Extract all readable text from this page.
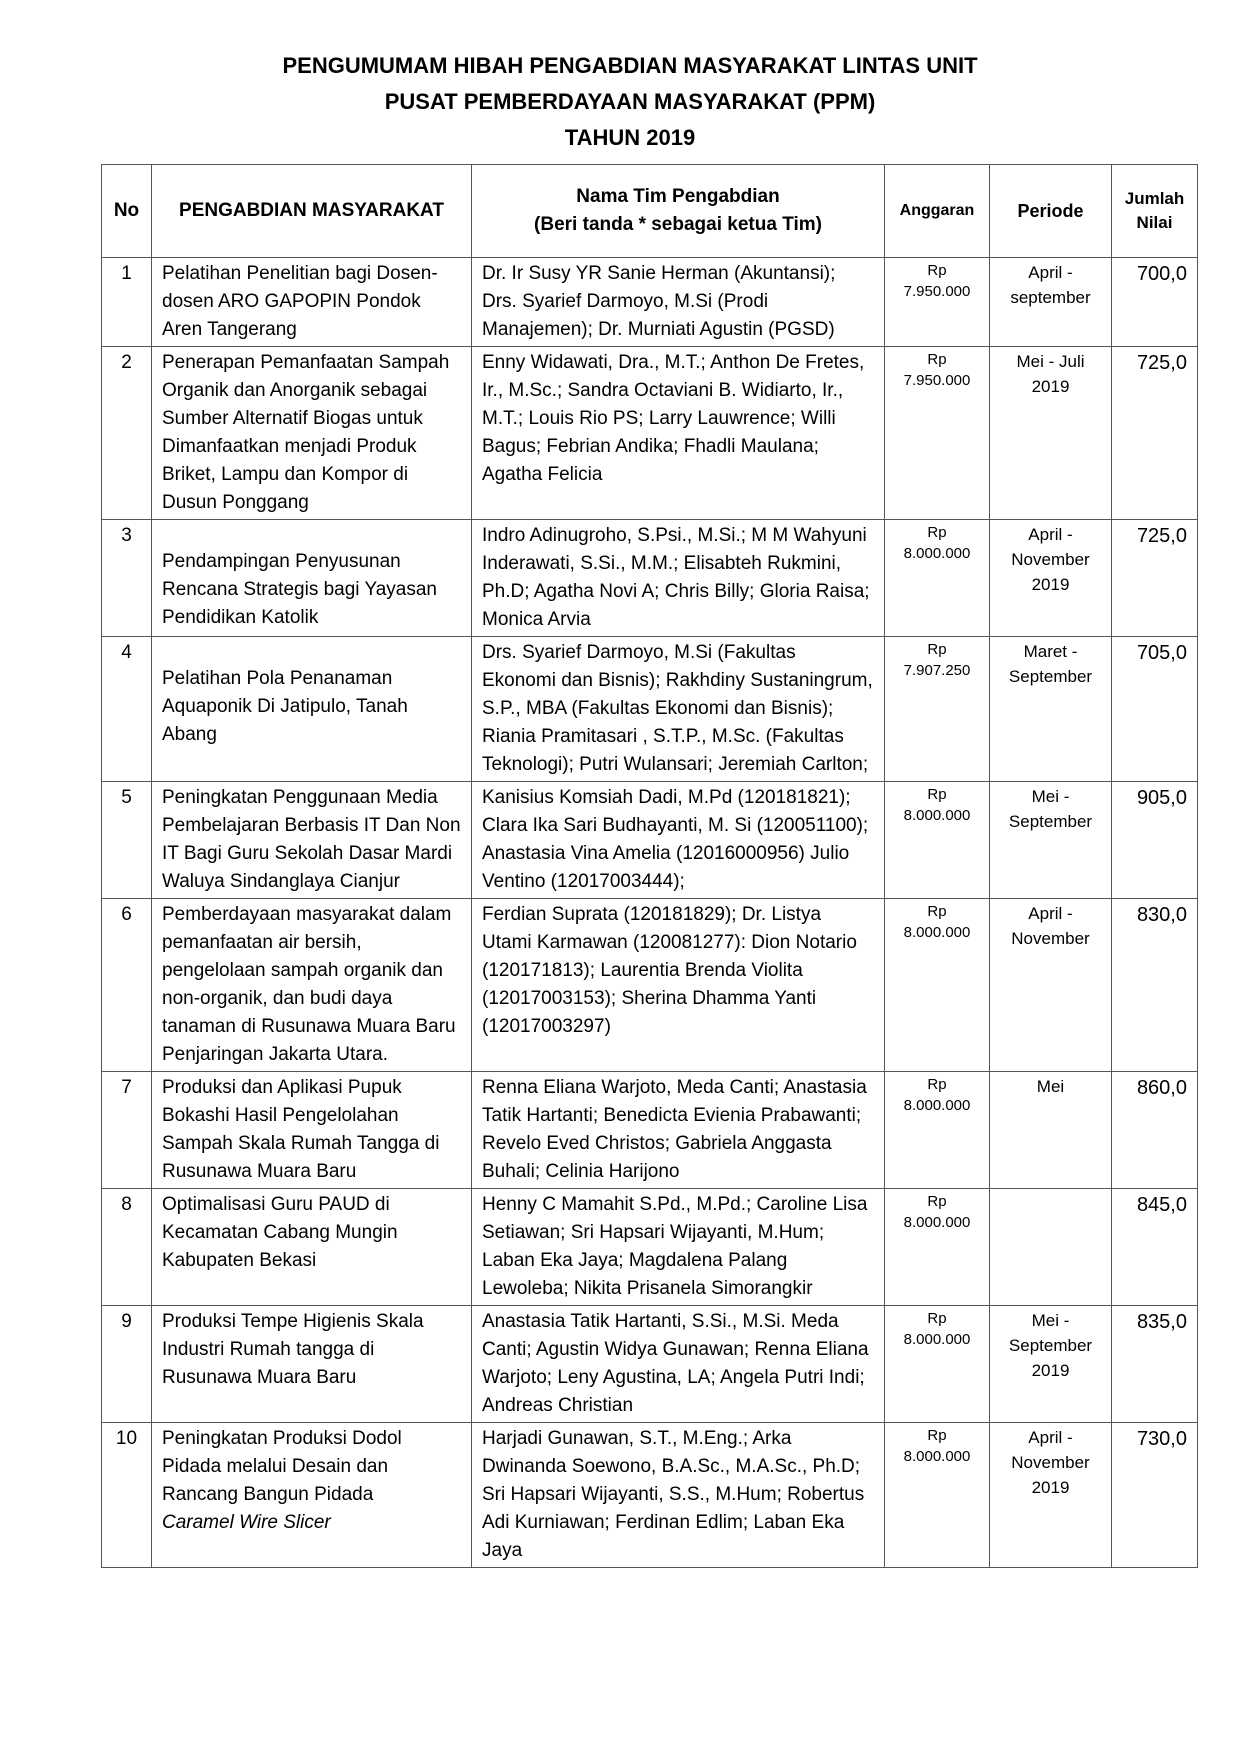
PENGUMUMAM HIBAH PENGABDIAN MASYARAKAT LINTAS UNIT
PUSAT PEMBERDAYAAN MASYARAKAT (PPM)
TAHUN 2019
No	PENGABDIAN MASYARAKAT	Nama Tim Pengabdian
(Beri tanda * sebagai ketua Tim)	Anggaran	Periode	Jumlah
Nilai

1	Pelatihan Penelitian bagi Dosen-dosen ARO GAPOPIN Pondok Aren Tangerang	Dr. Ir Susy YR Sanie Herman (Akuntansi); Drs. Syarief Darmoyo, M.Si (Prodi Manajemen); Dr. Murniati Agustin (PGSD)	Rp
7.950.000	April - september	700,0
2	Penerapan Pemanfaatan Sampah Organik dan Anorganik sebagai Sumber Alternatif Biogas untuk Dimanfaatkan menjadi Produk Briket, Lampu dan Kompor di Dusun Ponggang	Enny Widawati, Dra., M.T.; Anthon De Fretes, Ir., M.Sc.; Sandra Octaviani B. Widiarto, Ir., M.T.; Louis Rio PS; Larry Lauwrence; Willi Bagus; Febrian Andika; Fhadli Maulana; Agatha Felicia	Rp
7.950.000	Mei - Juli 2019	725,0
3	Pendampingan Penyusunan Rencana Strategis bagi Yayasan Pendidikan Katolik	Indro Adinugroho, S.Psi., M.Si.; M M Wahyuni Inderawati, S.Si., M.M.; Elisabteh Rukmini, Ph.D; Agatha Novi A; Chris Billy; Gloria Raisa; Monica Arvia	Rp
8.000.000	April - November 2019	725,0
4	Pelatihan Pola Penanaman Aquaponik Di Jatipulo, Tanah Abang	Drs. Syarief Darmoyo, M.Si (Fakultas Ekonomi dan Bisnis); Rakhdiny Sustaningrum, S.P., MBA (Fakultas Ekonomi dan Bisnis); Riania Pramitasari , S.T.P., M.Sc. (Fakultas Teknologi); Putri Wulansari; Jeremiah Carlton;	Rp
7.907.250	Maret - September	705,0
5	Peningkatan Penggunaan Media Pembelajaran Berbasis IT Dan Non IT Bagi Guru Sekolah Dasar Mardi Waluya Sindanglaya Cianjur	Kanisius Komsiah Dadi, M.Pd (120181821); Clara Ika Sari Budhayanti, M. Si (120051100); Anastasia Vina Amelia (12016000956) Julio Ventino (12017003444);	Rp
8.000.000	Mei - September	905,0
6	Pemberdayaan masyarakat dalam pemanfaatan air bersih, pengelolaan sampah organik dan non-organik, dan budi daya tanaman di Rusunawa Muara Baru Penjaringan Jakarta Utara.	Ferdian Suprata (120181829); Dr. Listya Utami Karmawan (120081277): Dion Notario (120171813); Laurentia Brenda Violita (12017003153); Sherina Dhamma Yanti (12017003297)	Rp
8.000.000	April - November	830,0
7	Produksi dan Aplikasi Pupuk Bokashi Hasil Pengelolahan Sampah Skala Rumah Tangga di Rusunawa Muara Baru	Renna Eliana Warjoto, Meda Canti; Anastasia Tatik Hartanti; Benedicta Evienia Prabawanti; Revelo Eved Christos; Gabriela Anggasta Buhali; Celinia Harijono	Rp
8.000.000	Mei	860,0
8	Optimalisasi Guru PAUD di Kecamatan Cabang Mungin Kabupaten Bekasi	Henny C Mamahit S.Pd., M.Pd.; Caroline Lisa Setiawan; Sri Hapsari Wijayanti, M.Hum; Laban Eka Jaya; Magdalena Palang Lewoleba; Nikita Prisanela Simorangkir	Rp
8.000.000		845,0
9	Produksi Tempe Higienis Skala Industri Rumah tangga di Rusunawa Muara Baru	Anastasia Tatik Hartanti, S.Si., M.Si. Meda Canti; Agustin Widya Gunawan; Renna Eliana Warjoto; Leny Agustina, LA; Angela Putri Indi; Andreas Christian	Rp
8.000.000	Mei - September 2019	835,0
10	Peningkatan Produksi Dodol Pidada melalui Desain dan Rancang Bangun Pidada
Caramel Wire Slicer	Harjadi Gunawan, S.T., M.Eng.; Arka Dwinanda Soewono, B.A.Sc., M.A.Sc., Ph.D; Sri Hapsari Wijayanti, S.S., M.Hum; Robertus Adi Kurniawan; Ferdinan Edlim; Laban Eka Jaya	Rp
8.000.000	April - November 2019	730,0
